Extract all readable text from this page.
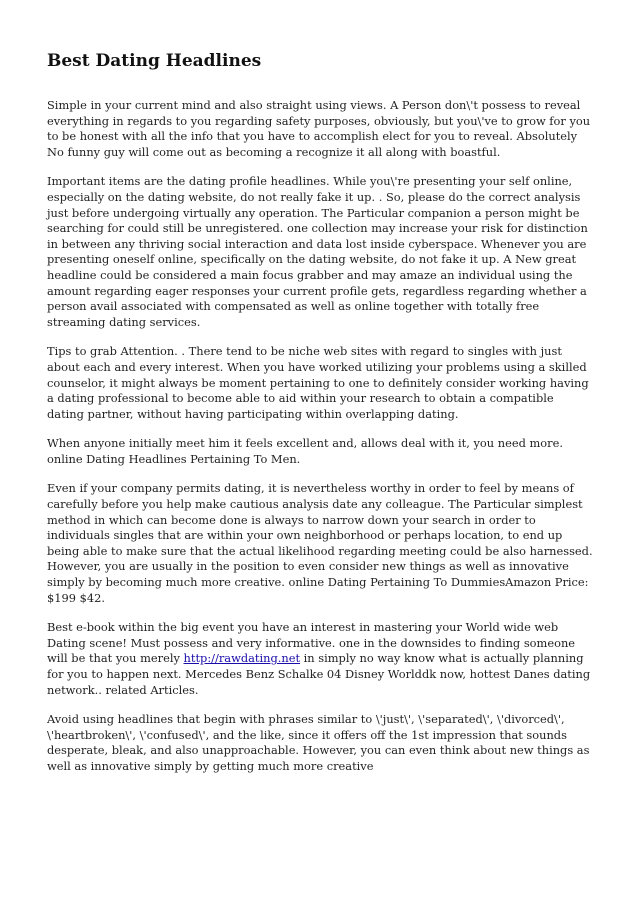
Best Dating Headlines

Simple in your current mind and also straight using views. A Person don\'t possess to reveal everything in regards to you regarding safety purposes, obviously, but you\'ve to grow for you to be honest with all the info that you have to accomplish elect for you to reveal. Absolutely No funny guy will come out as becoming a recognize it all along with boastful.

Important items are the dating profile headlines. While you\'re presenting your self online, especially on the dating website, do not really fake it up. . So, please do the correct analysis just before undergoing virtually any operation. The Particular companion a person might be searching for could still be unregistered. one collection may increase your risk for distinction in between any thriving social interaction and data lost inside cyberspace. Whenever you are presenting oneself online, specifically on the dating website, do not fake it up. A New great headline could be considered a main focus grabber and may amaze an individual using the amount regarding eager responses your current profile gets, regardless regarding whether a person avail associated with compensated as well as online together with totally free streaming dating services.

Tips to grab Attention. . There tend to be niche web sites with regard to singles with just about each and every interest. When you have worked utilizing your problems using a skilled counselor, it might always be moment pertaining to one to definitely consider working having a dating professional to become able to aid within your research to obtain a compatible dating partner, without having participating within overlapping dating.

When anyone initially meet him it feels excellent and, allows deal with it, you need more. online Dating Headlines Pertaining To Men.

Even if your company permits dating, it is nevertheless worthy in order to feel by means of carefully before you help make cautious analysis date any colleague. The Particular simplest method in which can become done is always to narrow down your search in order to individuals singles that are within your own neighborhood or perhaps location, to end up being able to make sure that the actual likelihood regarding meeting could be also harnessed. However, you are usually in the position to even consider new things as well as innovative simply by becoming much more creative. online Dating Pertaining To DummiesAmazon Price: $199 $42.

Best e-book within the big event you have an interest in mastering your World wide web Dating scene! Must possess and very informative. one in the downsides to finding someone will be that you merely http://rawdating.net in simply no way know what is actually planning for you to happen next. Mercedes Benz Schalke 04 Disney Worlddk now, hottest Danes dating network.. related Articles.

Avoid using headlines that begin with phrases similar to \'just\', \'separated\', \'divorced\', \'heartbroken\', \'confused\', and the like, since it offers off the 1st impression that sounds desperate, bleak, and also unapproachable. However, you can even think about new things as well as innovative simply by getting much more creative
